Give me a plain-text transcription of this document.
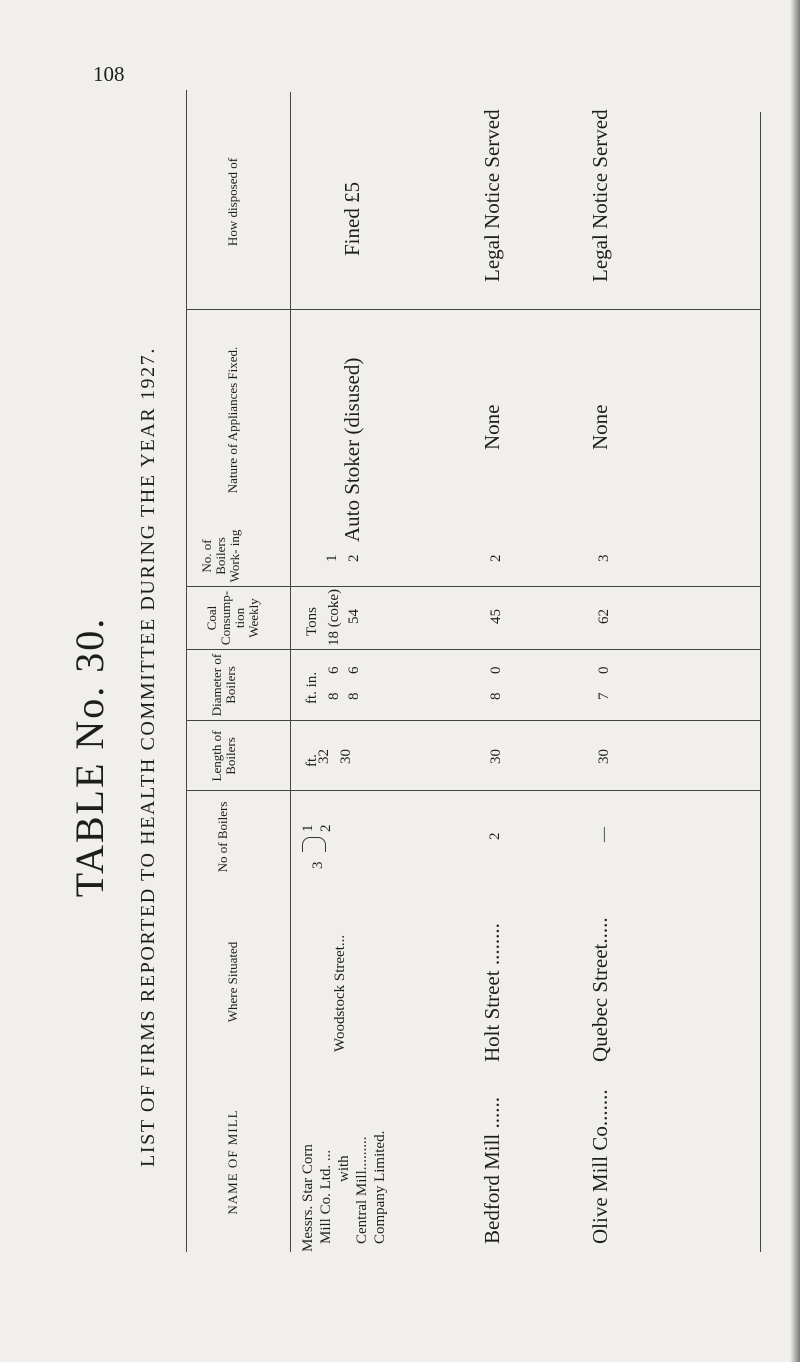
108
TABLE No. 30. LIST OF FIRMS REPORTED TO HEALTH COMMITTEE DURING THE YEAR 1927.	NAME OF MILL
Where Situated
No of Boilers
Length of Boilers
Diameter of Boilers
Coal Consump- tion Weekly
No. of Boilers Work- ing
Nature of Appliances Fixed.
How disposed of
ft.
ft. in.
Tons
Messrs. Star Corn Mill Co. Ltd. ... with Central Mill......... Company Limited.
Woodstock Street...
1 2
3
32 30
8
6
8
6
18 (coke) 54
1 2
Auto Stoker (disused)
Fined £5
Bedford Mill ......
Holt Street ........
2
30
8
0
45
2
None
Legal Notice Served
Olive Mill Co.......
Quebec Street.....
—
30
7
0
62
3
None
Legal Notice Served
